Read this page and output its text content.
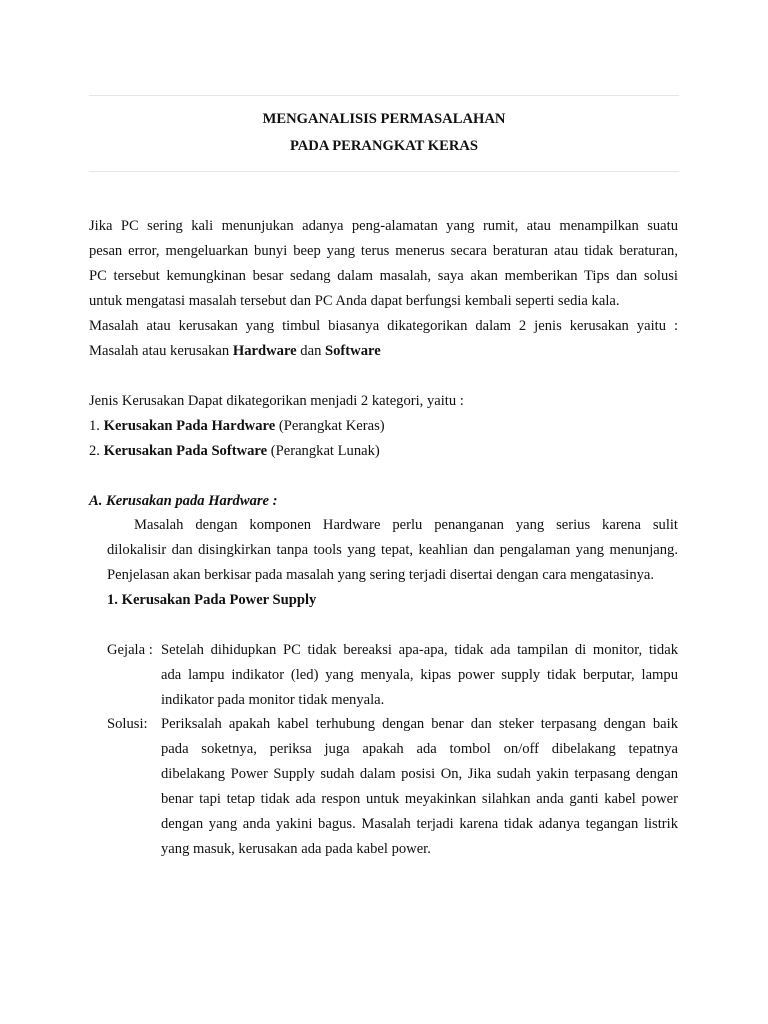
MENGANALISIS PERMASALAHAN
PADA PERANGKAT KERAS
Jika PC sering kali menunjukan adanya peng-alamatan yang rumit, atau menampilkan suatu
pesan error, mengeluarkan bunyi beep yang terus menerus secara beraturan atau tidak beraturan,
PC tersebut kemungkinan besar sedang dalam masalah, saya akan memberikan Tips dan solusi
untuk mengatasi masalah tersebut dan PC Anda dapat berfungsi kembali seperti sedia kala.
Masalah atau kerusakan yang timbul biasanya dikategorikan dalam 2 jenis kerusakan yaitu :
Masalah atau kerusakan Hardware dan Software
Jenis Kerusakan Dapat dikategorikan menjadi 2 kategori, yaitu :
1. Kerusakan Pada Hardware (Perangkat Keras)
2. Kerusakan Pada Software (Perangkat Lunak)
A. Kerusakan pada Hardware :
Masalah dengan komponen Hardware perlu penanganan yang serius karena sulit
dilokalisir dan disingkirkan tanpa tools yang tepat, keahlian dan pengalaman yang menunjang.
Penjelasan akan berkisar pada masalah yang sering terjadi disertai dengan cara mengatasinya.
1. Kerusakan Pada Power Supply
Gejala : Setelah dihidupkan PC tidak bereaksi apa-apa, tidak ada tampilan di monitor, tidak
ada lampu indikator (led) yang menyala, kipas power supply tidak berputar, lampu
indikator pada monitor tidak menyala.
Solusi: Periksalah apakah kabel terhubung dengan benar dan steker terpasang dengan baik
pada soketnya, periksa juga apakah ada tombol on/off dibelakang tepatnya
dibelakang Power Supply sudah dalam posisi On, Jika sudah yakin terpasang dengan
benar tapi tetap tidak ada respon untuk meyakinkan silahkan anda ganti kabel power
dengan yang anda yakini bagus. Masalah terjadi karena tidak adanya tegangan listrik
yang masuk, kerusakan ada pada kabel power.
